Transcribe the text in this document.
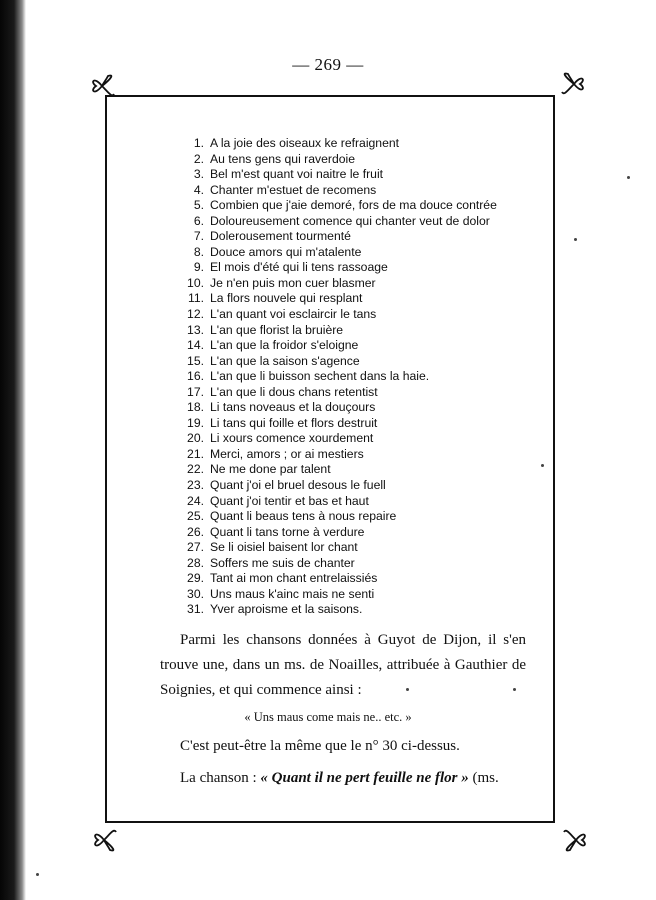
— 269 —
1. A la joie des oiseaux ke refraignent
2. Au tens gens qui raverdoie
3. Bel m'est quant voi naitre le fruit
4. Chanter m'estuet de recomens
5. Combien que j'aie demoré, fors de ma douce contrée
6. Doloureusement comence qui chanter veut de dolor
7. Dolerousement tourmenté
8. Douce amors qui m'atalente
9. El mois d'été qui li tens rassoage
10. Je n'en puis mon cuer blasmer
11. La flors nouvele qui resplant
12. L'an quant voi esclaircir le tans
13. L'an que florist la bruière
14. L'an que la froidor s'eloigne
15. L'an que la saison s'agence
16. L'an que li buisson sechent dans la haie.
17. L'an que li dous chans retentist
18. Li tans noveaus et la douçours
19. Li tans qui foille et flors destruit
20. Li xours comence xourdement
21. Merci, amors ; or ai mestiers
22. Ne me done par talent
23. Quant j'oi el bruel desous le fuell
24. Quant j'oi tentir et bas et haut
25. Quant li beaus tens à nous repaire
26. Quant li tans torne à verdure
27. Se li oisiel baisent lor chant
28. Soffers me suis de chanter
29. Tant ai mon chant entrelaissiés
30. Uns maus k'ainc mais ne senti
31. Yver aproisme et la saisons.

Parmi les chansons données à Guyot de Dijon, il s'en trouve une, dans un ms. de Noailles, attribuée à Gauthier de Soignies, et qui commence ainsi :

« Uns maus come mais ne.. etc. »
C'est peut-être la même que le n° 30 ci-dessus.
La chanson : « Quant il ne pert feuille ne flor » (ms.
